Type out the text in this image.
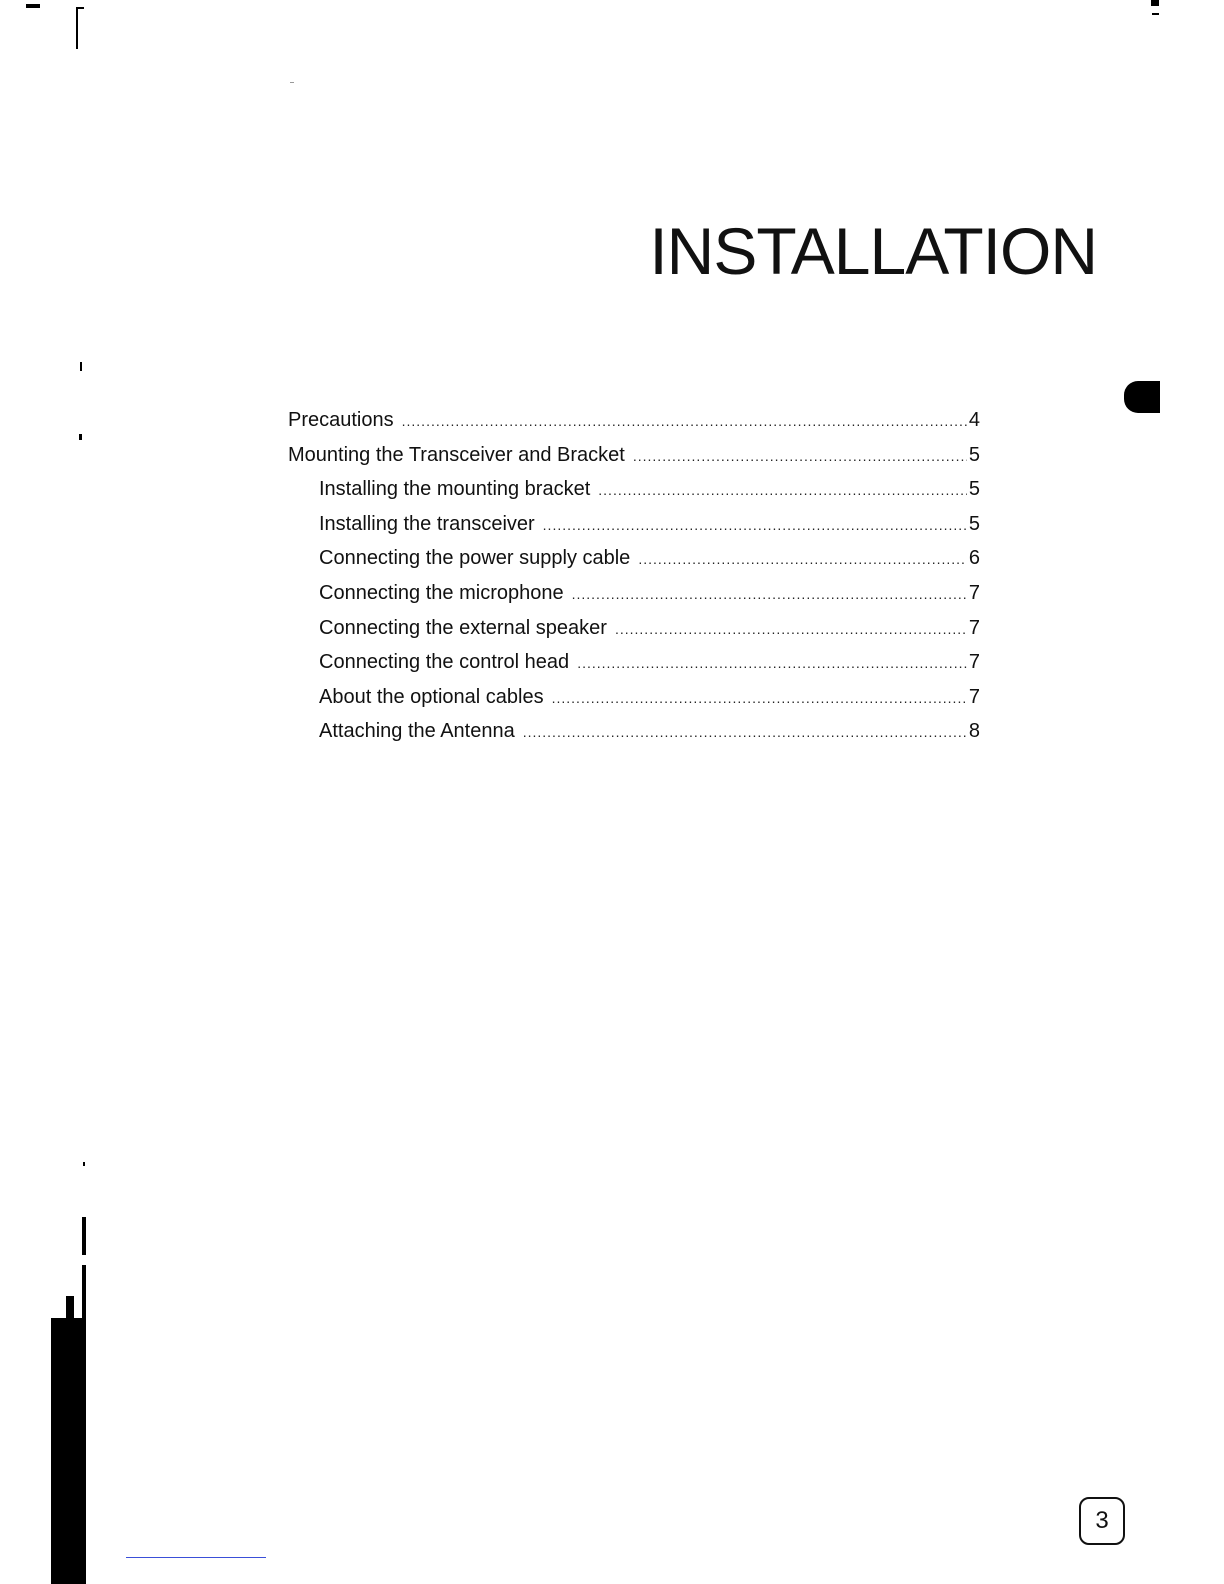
INSTALLATION
Precautions .....	4
Mounting the Transceiver and Bracket .....	5
Installing the mounting bracket .....	5
Installing the transceiver .....	5
Connecting the power supply cable .....	6
Connecting the microphone .....	7
Connecting the external speaker .....	7
Connecting the control head .....	7
About the optional cables .....	7
Attaching the Antenna .....	8
3
